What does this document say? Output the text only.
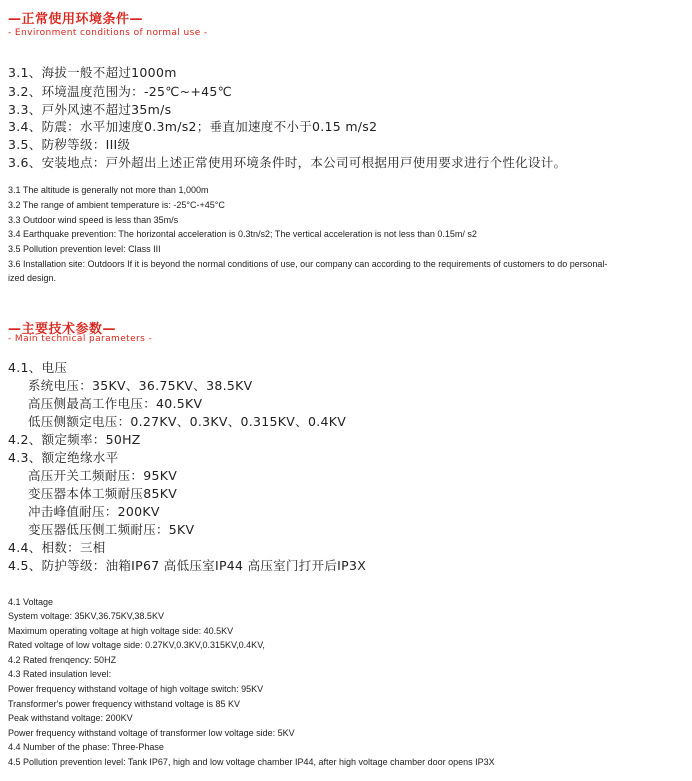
—正常使用环境条件—
- Environment conditions of normal use -
3.1、海拔一般不超过1000m
3.2、环境温度范围为：-25℃~+45℃
3.3、戸外风速不超过35m/s
3.4、防震：水平加速度0.3m/s2；垂直加速度不小于0.15 m/s2
3.5、防秽等级：III级
3.6、安装地点：戸外超出上述正常使用环境条件时，本公司可根据用戸使用要求进行个性化设计。
3.1 The altitude is generally not more than 1,000m
3.2 The range of ambient temperature is: -25°C-+45°C
3.3 Outdoor wind speed is less than 35m/s
3.4 Earthquake prevention: The horizontal acceleration is 0.3tn/s2; The vertical acceleration is not less than 0.15m/ s2
3.5 Pollution prevention level: Class III
3.6 Installation site: Outdoors If it is beyond the normal conditions of use, our company can according to the requirements of customers to do personal-
ized design.
—主要技术参数—
- Main technical parameters -
4.1、电压
系统电压：35KV、36.75KV、38.5KV
高压侧最高工作电压：40.5KV
低压侧额定电压：0.27KV、0.3KV、0.315KV、0.4KV
4.2、额定频率：50HZ
4.3、额定绝缘水平
高压开关工频耐压：95KV
变压器本体工频耐压85KV
冲击峰值耐压：200KV
变压器低压侧工频耐压：5KV
4.4、相数：三相
4.5、防护等级：油箱IP67 高低压室IP44 高压室门打开后IP3X
4.1 Voltage
System voltage: 35KV,36.75KV,38.5KV
Maximum operating voltage at high voltage side: 40.5KV
Rated voltage of low voltage side: 0.27KV,0.3KV,0.315KV,0.4KV,
4.2 Rated frenqency: 50HZ
4.3 Rated insulation level:
Power frequency withstand voltage of high voltage switch: 95KV
Transformer's power frequency withstand voltage is 85 KV
Peak withstand voltage: 200KV
Power frequency withstand voltage of transformer low voltage side: 5KV
4.4 Number of the phase: Three-Phase
4.5 Pollution prevention level: Tank IP67, high and low voltage chamber IP44, after high voltage chamber door opens IP3X
